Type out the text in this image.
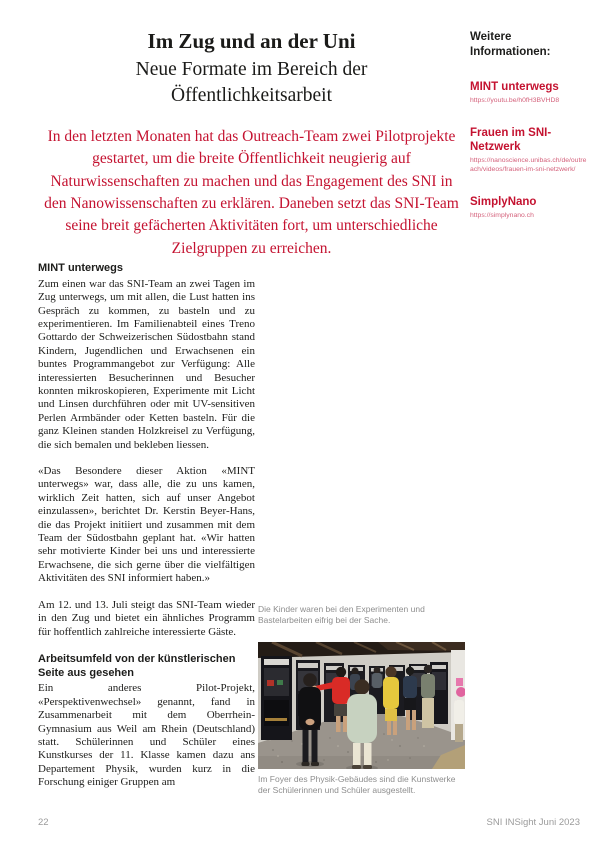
Im Zug und an der Uni
Neue Formate im Bereich der Öffentlichkeitsarbeit
In den letzten Monaten hat das Outreach-Team zwei Pilotprojekte gestartet, um die breite Öffentlichkeit neugierig auf Naturwissenschaften zu machen und das Engagement des SNI in den Nanowissenschaften zu erklären. Daneben setzt das SNI-Team seine breit gefächerten Aktivitäten fort, um unterschiedliche Zielgruppen zu erreichen.
MINT unterwegs
Zum einen war das SNI-Team an zwei Tagen im Zug unterwegs, um mit allen, die Lust hatten ins Gespräch zu kommen, zu basteln und zu experimentieren. Im Familienabteil eines Treno Gottardo der Schweizerischen Südostbahn stand Kindern, Jugendlichen und Erwachsenen ein buntes Programmangebot zur Verfügung: Alle interessierten Besucherinnen und Besucher konnten mikroskopieren, Experimente mit Licht und Linsen durchführen oder mit UV-sensitiven Perlen Armbänder oder Ketten basteln. Für die ganz Kleinen standen Holzkreisel zu Verfügung, die sich bemalen und bekleben liessen.
«Das Besondere dieser Aktion «MINT unterwegs» war, dass alle, die zu uns kamen, wirklich Zeit hatten, sich auf unser Angebot einzulassen», berichtet Dr. Kerstin Beyer-Hans, die das Projekt initiiert und zusammen mit dem Team der Südostbahn geplant hat. «Wir hatten sehr motivierte Kinder bei uns und interessierte Erwachsene, die sich gerne über die vielfältigen Aktivitäten des SNI informiert haben.»
Am 12. und 13. Juli steigt das SNI-Team wieder in den Zug und bietet ein ähnliches Programm für hoffentlich zahlreiche interessierte Gäste.
Arbeitsumfeld von der künstlerischen Seite aus gesehen
Ein anderes Pilot-Projekt, «Perspektivenwechsel» genannt, fand in Zusammenarbeit mit dem Oberrhein-Gymnasium aus Weil am Rhein (Deutschland) statt. Schülerinnen und Schüler eines Kunstkurses der 11. Klasse kamen dazu ans Departement Physik, wurden kurz in die Forschung einiger Gruppen am
Die Kinder waren bei den Experimenten und Bastelarbeiten eifrig bei der Sache.
Im Foyer des Physik-Gebäudes sind die Kunstwerke der Schülerinnen und Schüler ausgestellt.
Weitere Informationen:
MINT unterwegs
https://youtu.be/h0fH3BVHD8
Frauen im SNI-Netzwerk
https://nanoscience.unibas.ch/de/outreach/videos/frauen-im-sni-netzwerk/
SimplyNano
https://simplynano.ch
22	SNI INSight Juni 2023
